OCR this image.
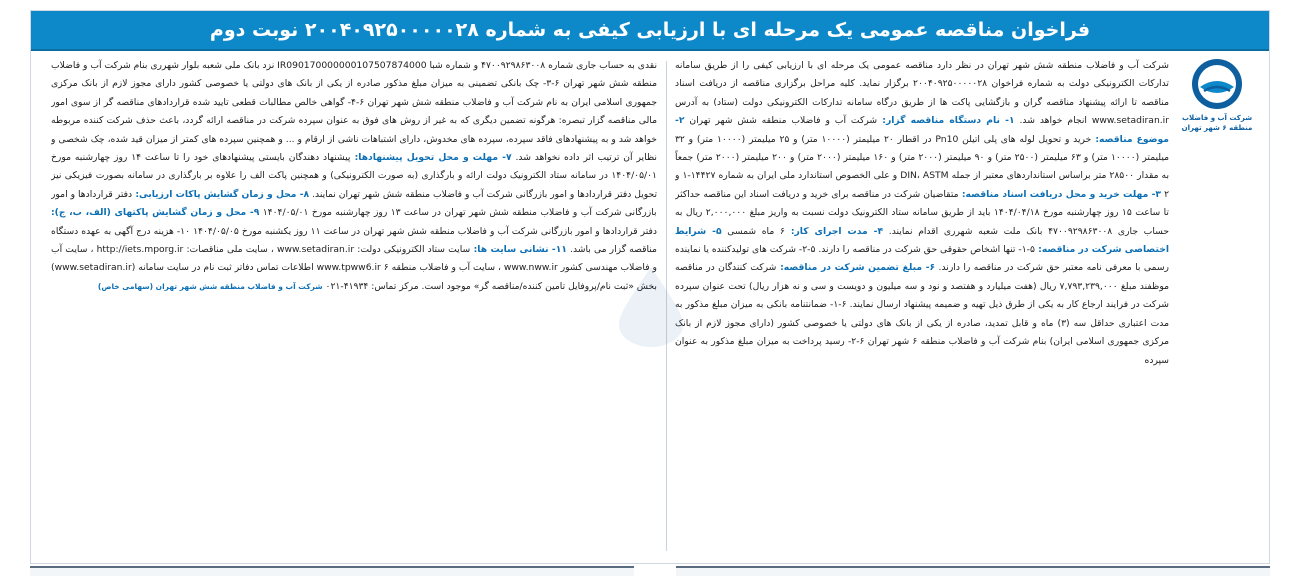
فراخوان مناقصه عمومی یک مرحله ای با ارزیابی کیفی به شماره ۲۰۰۴۰۹۲۵۰۰۰۰۰۲۸ نوبت دوم
شرکت آب و فاضلاب
منطقه ۶ شهر تهران

شرکت آب و فاضلاب منطقه شش شهر تهران در نظر دارد مناقصه عمومی یک مرحله ای با ارزیابی کیفی را از طریق سامانه تدارکات الکترونیکی دولت به شماره فراخوان ۲۰۰۴۰۹۲۵۰۰۰۰۰۲۸ برگزار نماید. کلیه مراحل برگزاری مناقصه از دریافت اسناد مناقصه تا ارائه پیشنهاد مناقصه گران و بازگشایی پاکت ها از طریق درگاه سامانه تدارکات الکترونیکی دولت (ستاد) به آدرس www.setadiran.ir انجام خواهد شد. ۱- نام دستگاه مناقصه گزار: شرکت آب و فاضلاب منطقه شش شهر تهران ۲- موضوع مناقصه: خرید و تحویل لوله های پلی اتیلن Pn10 در اقطار ۲۰ میلیمتر (۱۰۰۰۰ متر) و ۲۵ میلیمتر (۱۰۰۰۰ متر) و ۳۲ میلیمتر (۱۰۰۰۰ متر) و ۶۳ میلیمتر (۲۵۰۰ متر) و ۹۰ میلیمتر (۲۰۰۰ متر) و ۱۶۰ میلیمتر (۲۰۰۰ متر) و ۲۰۰ میلیمتر (۲۰۰۰ متر) جمعاً به مقدار ۲۸۵۰۰ متر براساس استانداردهای معتبر از جمله DIN، ASTM و علی الخصوص استاندارد ملی ایران به شماره ۱۴۴۲۷-۱ و ۲ ۳- مهلت خرید و محل دریافت اسناد مناقصه: متقاضیان شرکت در مناقصه برای خرید و دریافت اسناد این مناقصه حداکثر تا ساعت ۱۵ روز چهارشنبه مورخ ۱۴۰۴/۰۴/۱۸ باید از طریق سامانه ستاد الکترونیک دولت نسبت به واریز مبلغ ۲,۰۰۰,۰۰۰ ریال به حساب جاری ۴۷۰۰۹۲۹۸۶۳۰۰۸ بانک ملت شعبه شهرری اقدام نمایند. ۴- مدت اجرای کار: ۶ ماه شمسی ۵- شرایط اختصاصی شرکت در مناقصه: ۵-۱- تنها اشخاص حقوقی حق شرکت در مناقصه را دارند. ۵-۲- شرکت های تولیدکننده یا نماینده رسمی با معرفی نامه معتبر حق شرکت در مناقصه را دارند. ۶- مبلغ تضمین شرکت در مناقصه: شرکت کنندگان در مناقصه موظفند مبلغ ۷,۷۹۳,۲۳۹,۰۰۰ ریال (هفت میلیارد و هفتصد و نود و سه میلیون و دویست و سی و نه هزار ریال) تحت عنوان سپرده شرکت در فرایند ارجاع کار به یکی از طرق ذیل تهیه و ضمیمه پیشنهاد ارسال نمایند. ۶-۱- ضمانتنامه بانکی به میزان مبلغ مذکور به مدت اعتباری حداقل سه (۳) ماه و قابل تمدید، صادره از یکی از بانک های دولتی یا خصوصی کشور (دارای مجوز لازم از بانک مرکزی جمهوری اسلامی ایران) بنام شرکت آب و فاضلاب منطقه ۶ شهر تهران ۶-۲- رسید پرداخت به میزان مبلغ مذکور به عنوان سپرده

نقدی به حساب جاری شماره ۴۷۰۰۹۲۹۸۶۳۰۰۸ و شماره شبا IR090170000000107507874000 نزد بانک ملی شعبه بلوار شهرری بنام شرکت آب و فاضلاب منطقه شش شهر تهران ۶-۳- چک بانکی تضمینی به میزان مبلغ مذکور صادره از یکی از بانک های دولتی یا خصوصی کشور دارای مجوز لازم از بانک مرکزی جمهوری اسلامی ایران به نام شرکت آب و فاضلاب منطقه شش شهر تهران ۶-۴- گواهی خالص مطالبات قطعی تایید شده قراردادهای مناقصه گر از سوی امور مالی مناقصه گزار تبصره: هرگونه تضمین دیگری که به غیر از روش های فوق به عنوان سپرده شرکت در مناقصه ارائه گردد، باعث حذف شرکت کننده مربوطه خواهد شد و به پیشنهادهای فاقد سپرده، سپرده های مخدوش، دارای اشتباهات ناشی از ارقام و ... و همچنین سپرده های کمتر از میزان قید شده، چک شخصی و نظایر آن ترتیب اثر داده نخواهد شد. ۷- مهلت و محل تحویل پیشنهادها: پیشنهاد دهندگان بایستی پیشنهادهای خود را تا ساعت ۱۴ روز چهارشنبه مورخ ۱۴۰۴/۰۵/۰۱ در سامانه ستاد الکترونیک دولت ارائه و بارگذاری (به صورت الکترونیکی) و همچنین پاکت الف را علاوه بر بارگذاری در سامانه بصورت فیزیکی نیز تحویل دفتر قراردادها و امور بازرگانی شرکت آب و فاضلاب منطقه شش شهر تهران نمایند. ۸- محل و زمان گشایش پاکات ارزیابی: دفتر قراردادها و امور بازرگانی شرکت آب و فاضلاب منطقه شش شهر تهران در ساعت ۱۳ روز چهارشنبه مورخ ۱۴۰۴/۰۵/۰۱ ۹- محل و زمان گشایش پاکتهای (الف، ب، ج): دفتر قراردادها و امور بازرگانی شرکت آب و فاضلاب منطقه شش شهر تهران در ساعت ۱۱ روز یکشنبه مورخ ۱۴۰۴/۰۵/۰۵ ۱۰- هزینه درج آگهی به عهده دستگاه مناقصه گزار می باشد. ۱۱- نشانی سایت ها: سایت ستاد الکترونیکی دولت: www.setadiran.ir ، سایت ملی مناقصات: http://iets.mporg.ir ، سایت آب و فاضلاب مهندسی کشور www.nww.ir ، سایت آب و فاضلاب منطقه ۶ www.tpww6.ir اطلاعات تماس دفاتر ثبت نام در سایت سامانه (www.setadiran.ir) بخش «ثبت نام/پروفایل تامین کننده/مناقصه گر» موجود است. مرکز تماس: ۴۱۹۳۴-۰۲۱ شرکت آب و فاضلاب منطقه شش شهر تهران (سهامی خاص)
